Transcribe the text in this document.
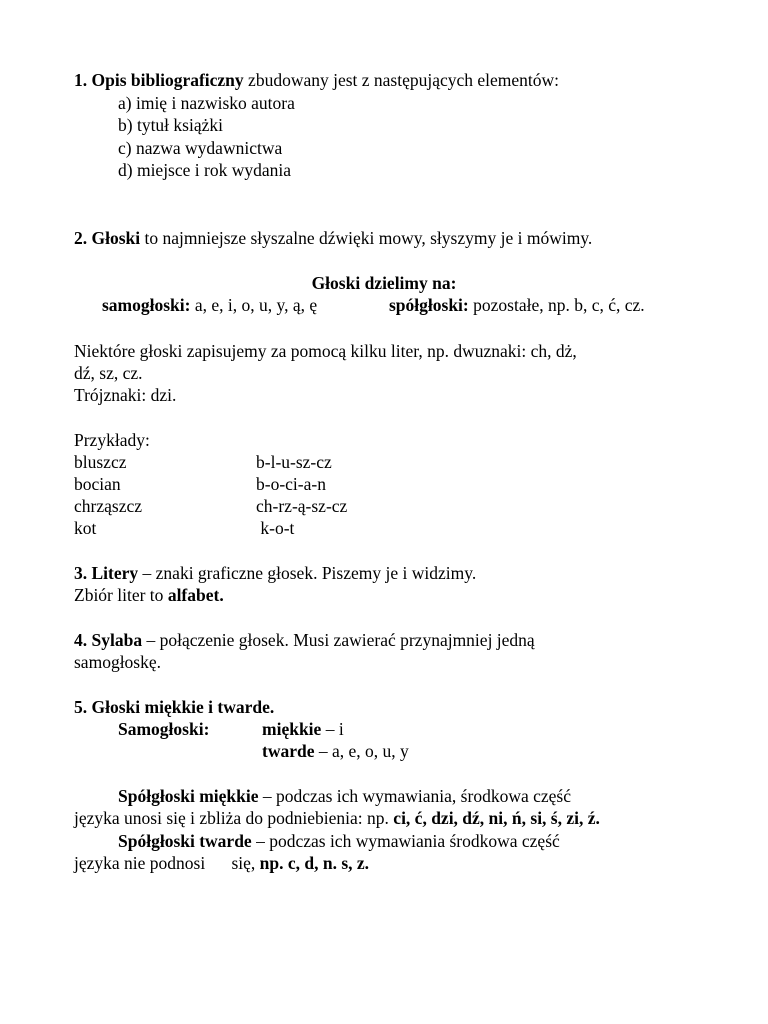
1. Opis bibliograficzny zbudowany jest z następujących elementów:
a) imię i nazwisko autora
b) tytuł książki
c) nazwa wydawnictwa
d) miejsce i rok wydania
2. Głoski to najmniejsze słyszalne dźwięki mowy, słyszymy je i mówimy.
Głoski dzielimy na:
samogłoski: a, e, i, o, u, y, ą, ę	spółgłoski: pozostałe, np. b, c, ć, cz.
Niektóre głoski zapisujemy za pomocą kilku liter, np. dwuznaki: ch, dż,
dź, sz, cz.
Trójznaki: dzi.
Przykłady:
bluszcz	b-l-u-sz-cz
bocian	b-o-ci-a-n
chrząszcz	ch-rz-ą-sz-cz
kot	k-o-t
3. Litery – znaki graficzne głosek. Piszemy je i widzimy.
Zbiór liter to alfabet.
4. Sylaba – połączenie głosek. Musi zawierać przynajmniej jedną
samogłoskę.
5. Głoski miękkie i twarde.
Samogłoski:	miękkie – i
twarde – a, e, o, u, y
Spółgłoski miękkie – podczas ich wymawiania, środkowa część
języka unosi się i zbliża do podniebienia: np. ci, ć, dzi, dź, ni, ń, si, ś, zi, ź.
Spółgłoski twarde – podczas ich wymawiania środkowa część
języka nie podnosi      się, np. c, d, n. s, z.
